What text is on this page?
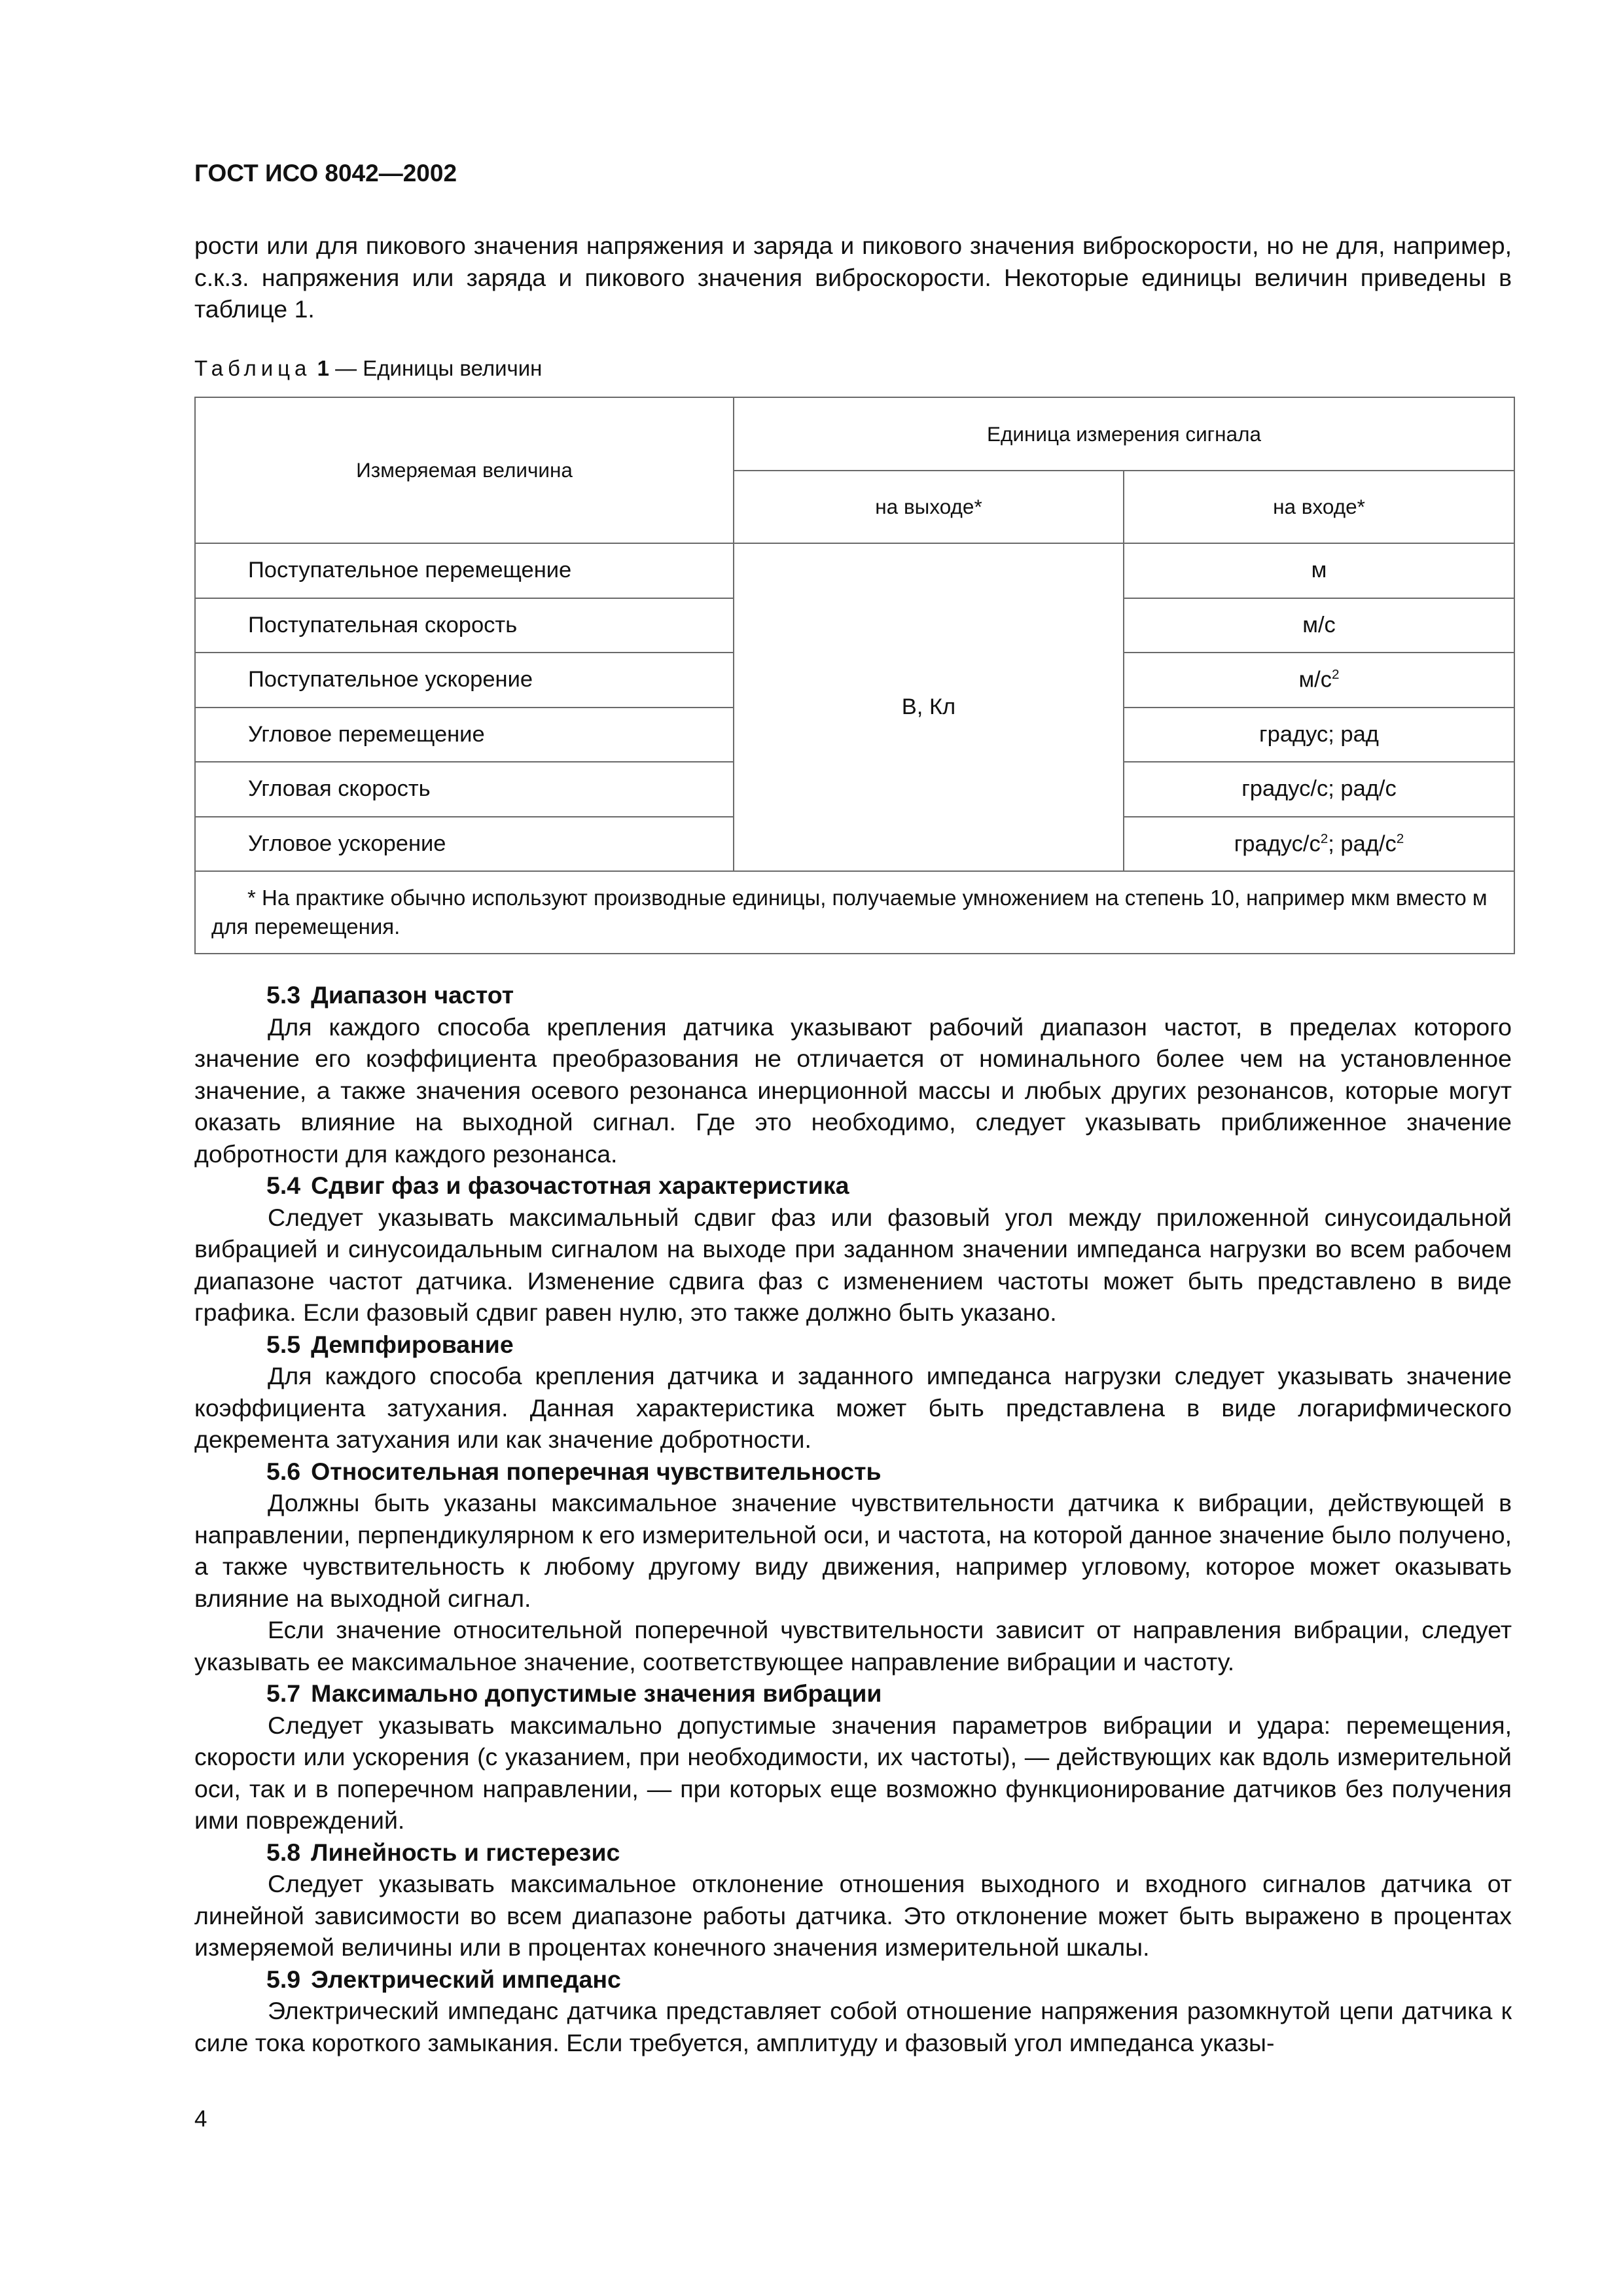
ГОСТ ИСО 8042—2002

рости или для пикового значения напряжения и заряда и пикового значения виброскорости, но не для, например, с.к.з. напряжения или заряда и пикового значения виброскорости. Некоторые единицы величин приведены в таблице 1.

Таблица 1 — Единицы величин
Измеряемая величина	Единица измерения сигнала	
	на выходе*	на входе*
Поступательное перемещение	В, Кл	м
Поступательная скорость		м/с
Поступательное ускорение		$м/с^2$
Угловое перемещение		градус; рад
Угловая скорость		градус/с; рад/с
Угловое ускорение		градус/$с^2$; рад/$с^2$

* На практике обычно используют производные единицы, получаемые умножением на степень 10, например мкм вместо м для перемещения.		
5.3 Диапазон частот

Для каждого способа крепления датчика указывают рабочий диапазон частот, в пределах которого значение его коэффициента преобразования не отличается от номинального более чем на установленное значение, а также значения осевого резонанса инерционной массы и любых других резонансов, которые могут оказать влияние на выходной сигнал. Где это необходимо, следует указывать приближенное значение добротности для каждого резонанса.

5.4 Сдвиг фаз и фазочастотная характеристика

Следует указывать максимальный сдвиг фаз или фазовый угол между приложенной синусоидальной вибрацией и синусоидальным сигналом на выходе при заданном значении импеданса нагрузки во всем рабочем диапазоне частот датчика. Изменение сдвига фаз с изменением частоты может быть представлено в виде графика. Если фазовый сдвиг равен нулю, это также должно быть указано.

5.5 Демпфирование

Для каждого способа крепления датчика и заданного импеданса нагрузки следует указывать значение коэффициента затухания. Данная характеристика может быть представлена в виде логарифмического декремента затухания или как значение добротности.

5.6 Относительная поперечная чувствительность

Должны быть указаны максимальное значение чувствительности датчика к вибрации, действующей в направлении, перпендикулярном к его измерительной оси, и частота, на которой данное значение было получено, а также чувствительность к любому другому виду движения, например угловому, которое может оказывать влияние на выходной сигнал.

Если значение относительной поперечной чувствительности зависит от направления вибрации, следует указывать ее максимальное значение, соответствующее направление вибрации и частоту.

5.7 Максимально допустимые значения вибрации

Следует указывать максимально допустимые значения параметров вибрации и удара: перемещения, скорости или ускорения (с указанием, при необходимости, их частоты), — действующих как вдоль измерительной оси, так и в поперечном направлении, — при которых еще возможно функционирование датчиков без получения ими повреждений.

5.8 Линейность и гистерезис

Следует указывать максимальное отклонение отношения выходного и входного сигналов датчика от линейной зависимости во всем диапазоне работы датчика. Это отклонение может быть выражено в процентах измеряемой величины или в процентах конечного значения измерительной шкалы.

5.9 Электрический импеданс

Электрический импеданс датчика представляет собой отношение напряжения разомкнутой цепи датчика к силе тока короткого замыкания. Если требуется, амплитуду и фазовый угол импеданса указы-

4
